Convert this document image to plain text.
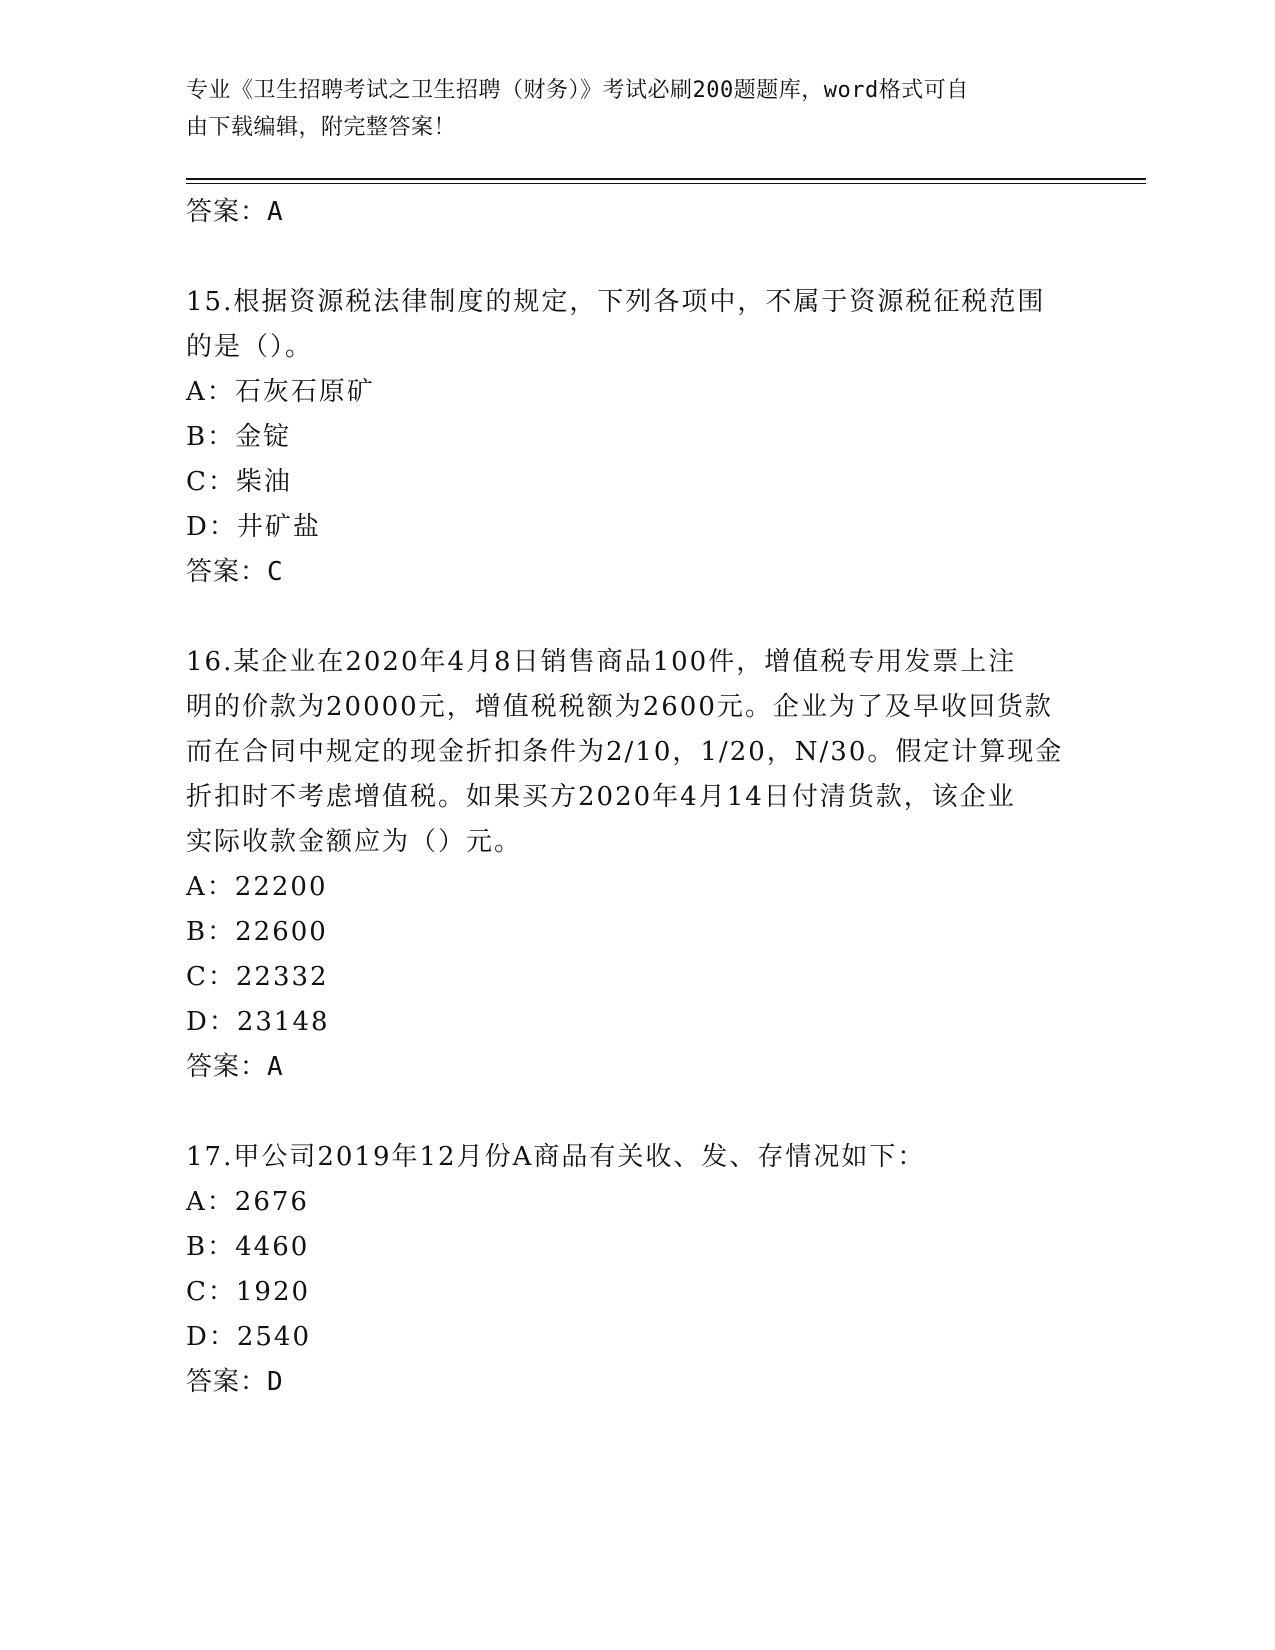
专业《卫生招聘考试之卫生招聘（财务）》考试必刷200题题库，word格式可自
由下载编辑，附完整答案！
答案：A
15.根据资源税法律制度的规定，下列各项中，不属于资源税征税范围
的是（）。
A：石灰石原矿
B：金锭
C：柴油
D：井矿盐
答案：C
16.某企业在2020年4月8日销售商品100件，增值税专用发票上注
明的价款为20000元，增值税税额为2600元。企业为了及早收回货款
而在合同中规定的现金折扣条件为2/10，1/20，N/30。假定计算现金
折扣时不考虑增值税。如果买方2020年4月14日付清货款，该企业
实际收款金额应为（）元。
A：22200
B：22600
C：22332
D：23148
答案：A
17.甲公司2019年12月份A商品有关收、发、存情况如下：
A：2676
B：4460
C：1920
D：2540
答案：D
